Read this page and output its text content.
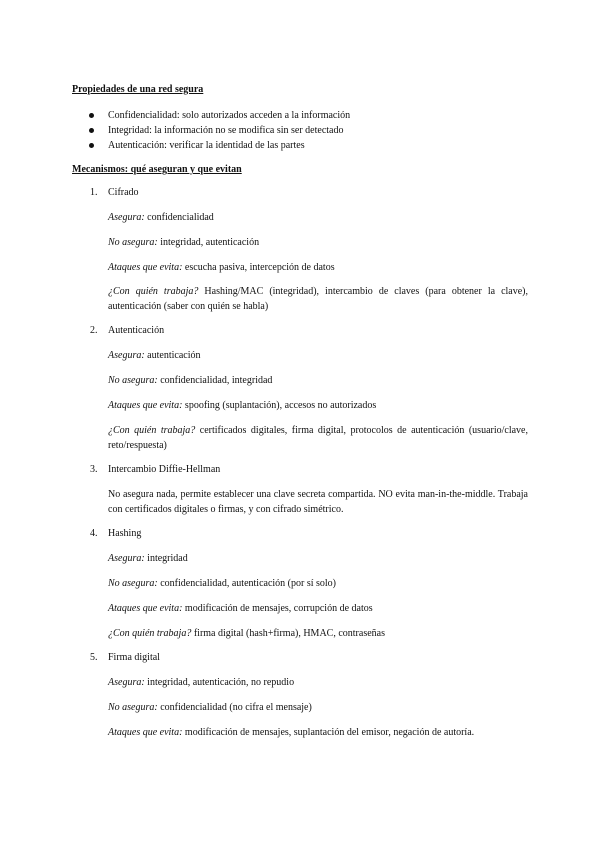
Propiedades de una red segura
Confidencialidad: solo autorizados acceden a la información
Integridad: la información no se modifica sin ser detectado
Autenticación: verificar la identidad de las partes
Mecanismos: qué aseguran y que evitan
1.	Cifrado
Asegura: confidencialidad
No asegura: integridad, autenticación
Ataques que evita: escucha pasiva, intercepción de datos
¿Con quién trabaja? Hashing/MAC (integridad), intercambio de claves (para obtener la clave), autenticación (saber con quién se habla)
2.	Autenticación
Asegura: autenticación
No asegura: confidencialidad, integridad
Ataques que evita: spoofing (suplantación), accesos no autorizados
¿Con quién trabaja? certificados digitales, firma digital, protocolos de autenticación (usuario/clave, reto/respuesta)
3.	Intercambio Diffie-Hellman
No asegura nada, permite establecer una clave secreta compartida. NO evita man-in-the-middle. Trabaja con certificados digitales o firmas, y con cifrado simétrico.
4.	Hashing
Asegura: integridad
No asegura: confidencialidad, autenticación (por sí solo)
Ataques que evita: modificación de mensajes, corrupción de datos
¿Con quién trabaja? firma digital (hash+firma), HMAC, contraseñas
5.	Firma digital
Asegura: integridad, autenticación, no repudio
No asegura: confidencialidad (no cifra el mensaje)
Ataques que evita: modificación de mensajes, suplantación del emisor, negación de autoría.
